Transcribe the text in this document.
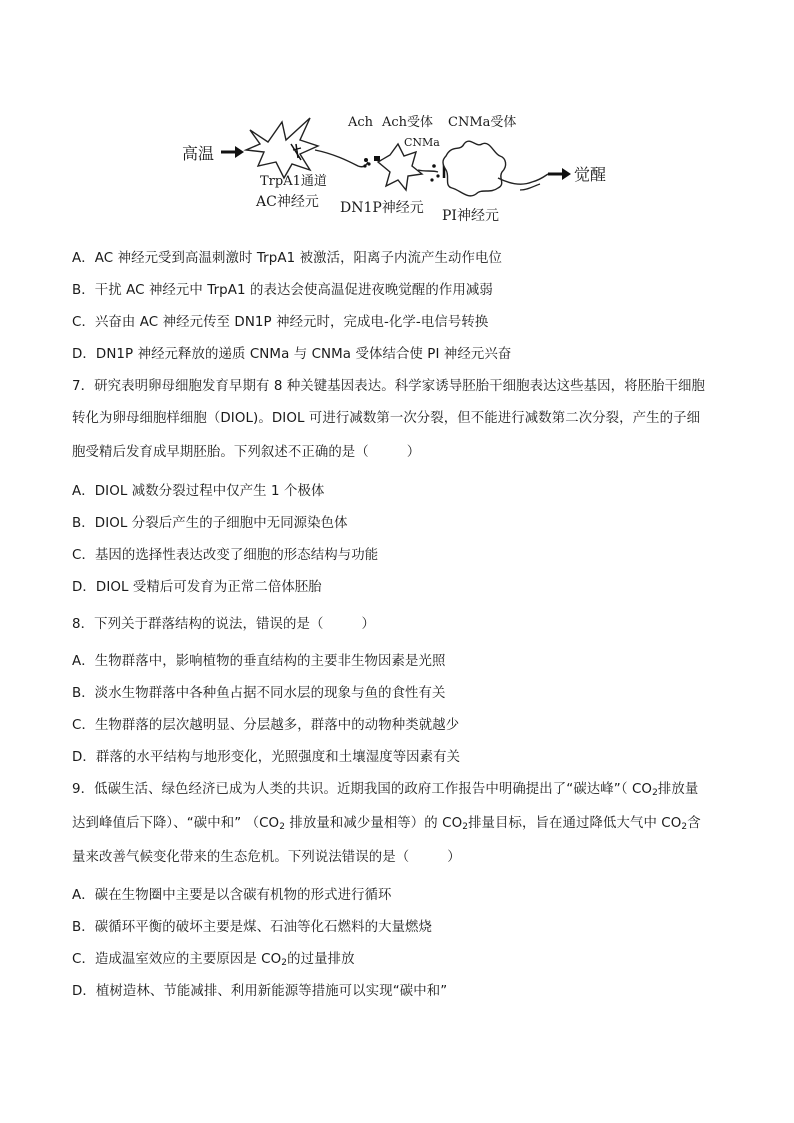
高温
觉醒
Ach Ach受体 CNMa受体
CNMa
TrpA1通道
AC神经元 DN1P神经元 PI神经元
A．AC 神经元受到高温刺激时 TrpA1 被激活，阳离子内流产生动作电位
B．干扰 AC 神经元中 TrpA1 的表达会使高温促进夜晚觉醒的作用减弱
C．兴奋由 AC 神经元传至 DN1P 神经元时，完成电-化学-电信号转换
D．DN1P 神经元释放的递质 CNMa 与 CNMa 受体结合使 PI 神经元兴奋
7．研究表明卵母细胞发育早期有 8 种关键基因表达。科学家诱导胚胎干细胞表达这些基因，将胚胎干细胞
转化为卵母细胞样细胞（DIOL)。DIOL 可进行减数第一次分裂，但不能进行减数第二次分裂，产生的子细
胞受精后发育成早期胚胎。下列叙述不正确的是（	）
A．DIOL 减数分裂过程中仅产生 1 个极体
B．DIOL 分裂后产生的子细胞中无同源染色体
C．基因的选择性表达改变了细胞的形态结构与功能
D．DIOL 受精后可发育为正常二倍体胚胎
8．下列关于群落结构的说法，错误的是（	）
A．生物群落中，影响植物的垂直结构的主要非生物因素是光照
B．淡水生物群落中各种鱼占据不同水层的现象与鱼的食性有关
C．生物群落的层次越明显、分层越多，群落中的动物种类就越少
D．群落的水平结构与地形变化，光照强度和土壤湿度等因素有关
9．低碳生活、绿色经济已成为人类的共识。近期我国的政府工作报告中明确提出了“碳达峰”（ $CO_2$排放量
达到峰值后下降）、“碳中和” （$CO_2$ 排放量和减少量相等）的 $CO_2$排量目标，旨在通过降低大气中 $CO_2$含
量来改善气候变化带来的生态危机。下列说法错误的是（	）
A．碳在生物圈中主要是以含碳有机物的形式进行循环
B．碳循环平衡的破坏主要是煤、石油等化石燃料的大量燃烧
C．造成温室效应的主要原因是 $CO_2$的过量排放
D．植树造林、节能减排、利用新能源等措施可以实现“碳中和”
